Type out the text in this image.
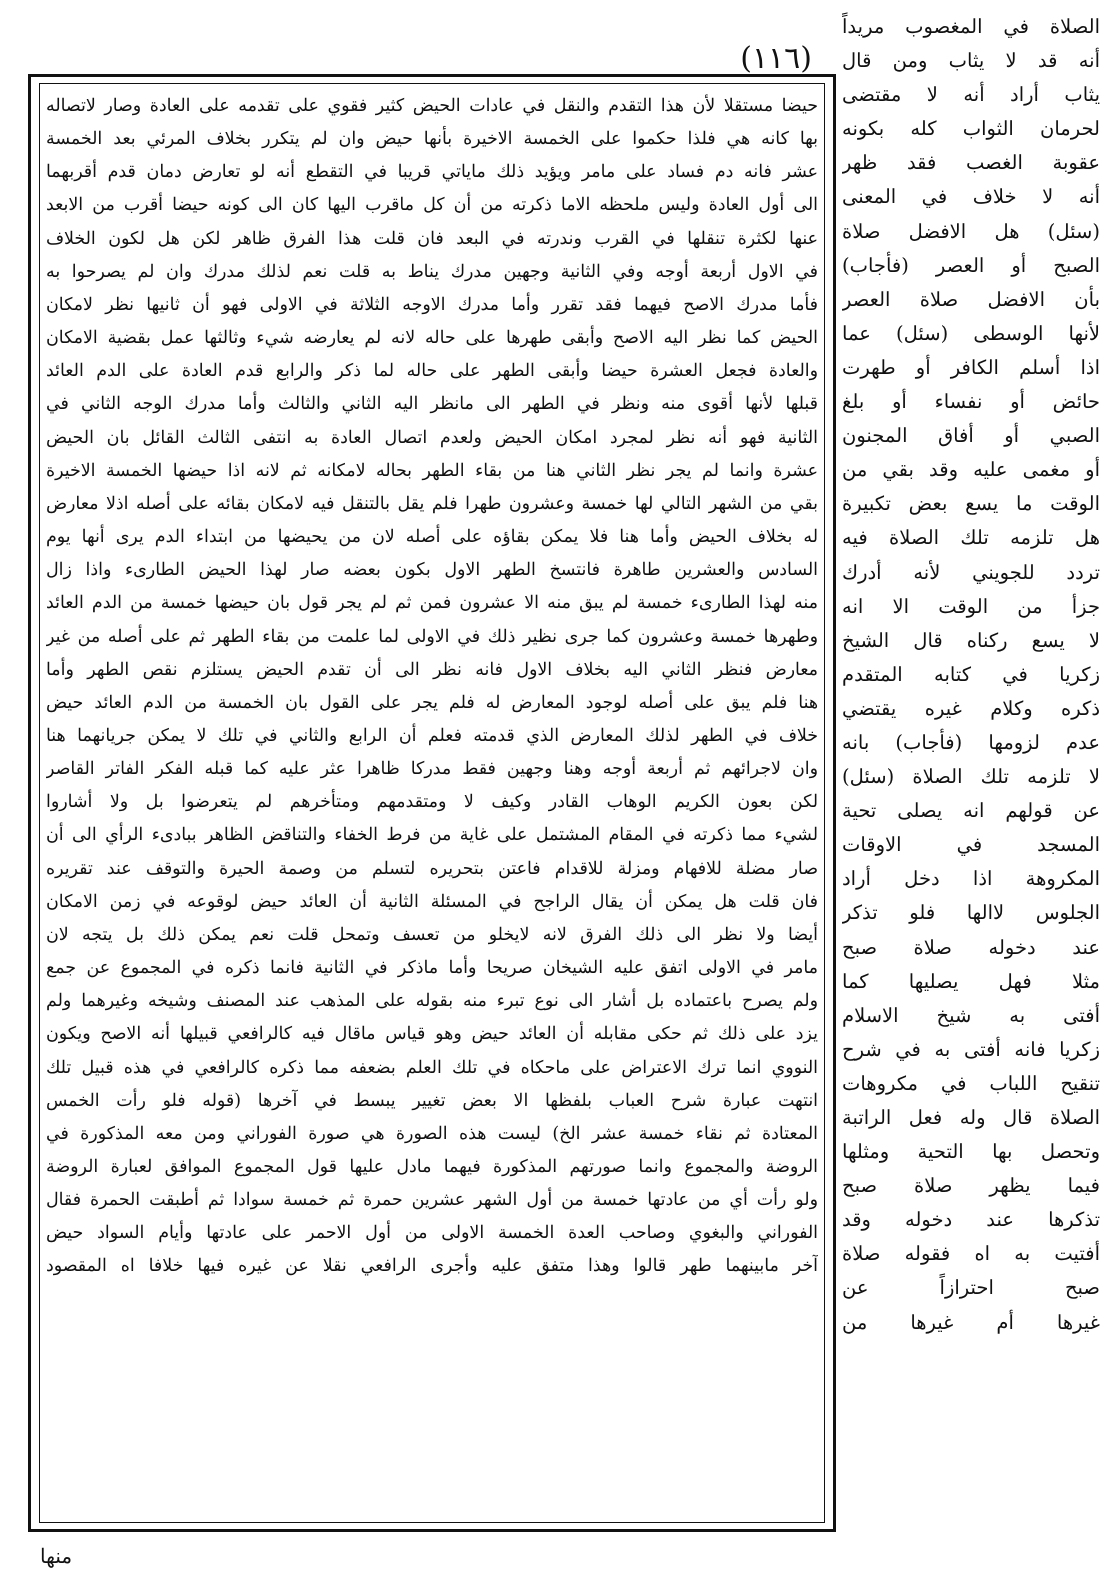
(١١٦)
حيضا مستقلا لأن هذا التقدم والنقل في عادات الحيض كثير فقوي على تقدمه على العادة وصار لاتصاله
بها كانه هي فلذا حكموا على الخمسة الاخيرة بأنها حيض وان لم يتكرر بخلاف المرئي بعد الخمسة
عشر فانه دم فساد على مامر ويؤيد ذلك ماياتي قريبا في التقطع أنه لو تعارض دمان قدم أقربهما
الى أول العادة وليس ملحظه الاما ذكرته من أن كل ماقرب اليها كان الى كونه حيضا أقرب من الابعد
عنها لكثرة تنقلها في القرب وندرته في البعد فان قلت هذا الفرق ظاهر لكن هل لكون الخلاف
في الاول أربعة أوجه وفي الثانية وجهين مدرك يناط به قلت نعم لذلك مدرك وان لم يصرحوا به
فأما مدرك الاصح فيهما فقد تقرر وأما مدرك الاوجه الثلاثة في الاولى فهو أن ثانيها نظر لامكان
الحيض كما نظر اليه الاصح وأبقى طهرها على حاله لانه لم يعارضه شيء وثالثها عمل بقضية الامكان
والعادة فجعل العشرة حيضا وأبقى الطهر على حاله لما ذكر والرابع قدم العادة على الدم العائد
قبلها لأنها أقوى منه ونظر في الطهر الى مانظر اليه الثاني والثالث وأما مدرك الوجه الثاني في
الثانية فهو أنه نظر لمجرد امكان الحيض ولعدم اتصال العادة به انتفى الثالث القائل بان الحيض
عشرة وانما لم يجر نظر الثاني هنا من بقاء الطهر بحاله لامكانه ثم لانه اذا حيضها الخمسة الاخيرة
بقي من الشهر التالي لها خمسة وعشرون طهرا فلم يقل بالتنقل فيه لامكان بقائه على أصله اذلا معارض
له بخلاف الحيض وأما هنا فلا يمكن بقاؤه على أصله لان من يحيضها من ابتداء الدم يرى أنها يوم
السادس والعشرين طاهرة فانتسخ الطهر الاول بكون بعضه صار لهذا الحيض الطارىء واذا زال
منه لهذا الطارىء خمسة لم يبق منه الا عشرون فمن ثم لم يجر قول بان حيضها خمسة من الدم العائد
وطهرها خمسة وعشرون كما جرى نظير ذلك في الاولى لما علمت من بقاء الطهر ثم على أصله من غير
معارض فنظر الثاني اليه بخلاف الاول فانه نظر الى أن تقدم الحيض يستلزم نقص الطهر وأما
هنا فلم يبق على أصله لوجود المعارض له فلم يجر على القول بان الخمسة من الدم العائد حيض
خلاف في الطهر لذلك المعارض الذي قدمته فعلم أن الرابع والثاني في تلك لا يمكن جريانهما هنا
وان لاجرائهم ثم أربعة أوجه وهنا وجهين فقط مدركا ظاهرا عثر عليه كما قبله الفكر الفاتر القاصر
لكن بعون الكريم الوهاب القادر وكيف لا ومتقدمهم ومتأخرهم لم يتعرضوا بل ولا أشاروا
لشيء مما ذكرته في المقام المشتمل على غاية من فرط الخفاء والتناقض الظاهر ببادىء الرأي الى أن
صار مضلة للافهام ومزلة للاقدام فاعتن بتحريره لتسلم من وصمة الحيرة والتوقف عند تقريره
فان قلت هل يمكن أن يقال الراجح في المسئلة الثانية أن العائد حيض لوقوعه في زمن الامكان
أيضا ولا نظر الى ذلك الفرق لانه لايخلو من تعسف وتمحل قلت نعم يمكن ذلك بل يتجه لان
مامر في الاولى اتفق عليه الشيخان صريحا وأما ماذكر في الثانية فانما ذكره في المجموع عن جمع
ولم يصرح باعتماده بل أشار الى نوع تبرء منه بقوله على المذهب عند المصنف وشيخه وغيرهما ولم
يزد على ذلك ثم حكى مقابله أن العائد حيض وهو قياس ماقال فيه كالرافعي قبيلها أنه الاصح ويكون
النووي انما ترك الاعتراض على ماحكاه في تلك العلم بضعفه مما ذكره كالرافعي في هذه قبيل تلك
انتهت عبارة شرح العباب بلفظها الا بعض تغيير يبسط في آخرها (قوله فلو رأت الخمس
المعتادة ثم نقاء خمسة عشر الخ) ليست هذه الصورة هي صورة الفوراني ومن معه المذكورة في
الروضة والمجموع وانما صورتهم المذكورة فيهما مادل عليها قول المجموع الموافق لعبارة الروضة
ولو رأت أي من عادتها خمسة من أول الشهر عشرين حمرة ثم خمسة سوادا ثم أطبقت الحمرة فقال
الفوراني والبغوي وصاحب العدة الخمسة الاولى من أول الاحمر على عادتها وأيام السواد حيض
آخر مابينهما طهر قالوا وهذا متفق عليه وأجرى الرافعي نقلا عن غيره فيها خلافا اه المقصود
الصلاة في المغصوب مريداً
أنه قد لا يثاب ومن قال
يثاب أراد أنه لا مقتضى
لحرمان الثواب كله بكونه
عقوبة الغصب فقد ظهر
أنه لا خلاف في المعنى
(سئل) هل الافضل صلاة
الصبح أو العصر (فأجاب)
بأن الافضل صلاة العصر
لأنها الوسطى (سئل) عما
اذا أسلم الكافر أو طهرت
حائض أو نفساء أو بلغ
الصبي أو أفاق المجنون
أو مغمى عليه وقد بقي من
الوقت ما يسع بعض تكبيرة
هل تلزمه تلك الصلاة فيه
تردد للجويني لأنه أدرك
جزأ من الوقت الا انه
لا يسع ركناه قال الشيخ
زكريا في كتابه المتقدم
ذكره وكلام غيره يقتضي
عدم لزومها (فأجاب) بانه
لا تلزمه تلك الصلاة (سئل)
عن قولهم انه يصلى تحية
المسجد في الاوقات
المكروهة اذا دخل أراد
الجلوس لاالها فلو تذكر
عند دخوله صلاة صبح
مثلا فهل يصليها كما
أفتى به شيخ الاسلام
زكريا فانه أفتى به في شرح
تنقيح اللباب في مكروهات
الصلاة قال وله فعل الراتبة
وتحصل بها التحية ومثلها
فيما يظهر صلاة صبح
تذكرها عند دخوله وقد
أفتيت به اه فقوله صلاة
صبح احترازاً عن
غيرها أم غيرها من
منها
